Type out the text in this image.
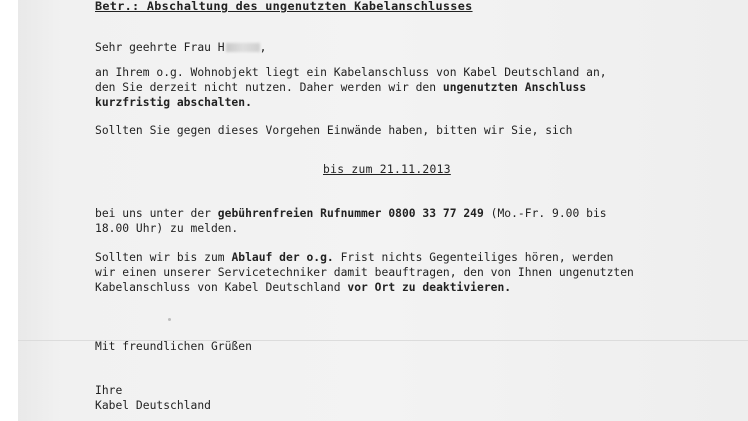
Betr.: Abschaltung des ungenutzten Kabelanschlusses
Sehr geehrte Frau H	,
an Ihrem o.g. Wohnobjekt liegt ein Kabelanschluss von Kabel Deutschland an,
den Sie derzeit nicht nutzen. Daher werden wir den ungenutzten Anschluss
kurzfristig abschalten.
Sollten Sie gegen dieses Vorgehen Einwände haben, bitten wir Sie, sich
bis zum 21.11.2013
bei uns unter der gebührenfreien Rufnummer 0800 33 77 249 (Mo.-Fr. 9.00 bis
18.00 Uhr) zu melden.
Sollten wir bis zum Ablauf der o.g. Frist nichts Gegenteiliges hören, werden
wir einen unserer Servicetechniker damit beauftragen, den von Ihnen ungenutzten
Kabelanschluss von Kabel Deutschland vor Ort zu deaktivieren.
Mit freundlichen Grüßen
Ihre
Kabel Deutschland
